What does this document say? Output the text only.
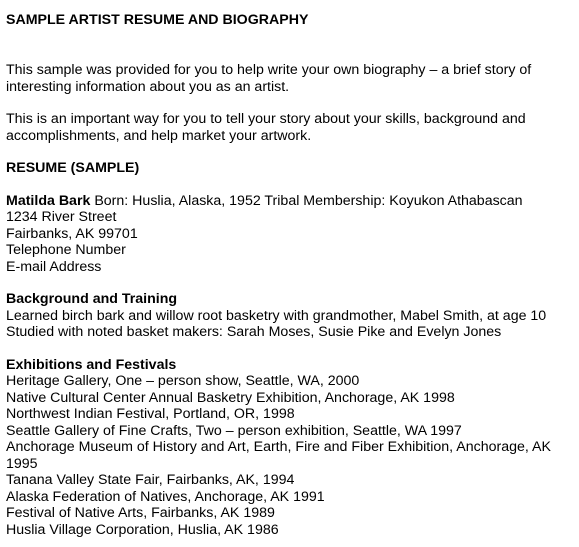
SAMPLE ARTIST RESUME AND BIOGRAPHY

This sample was provided for you to help write your own biography – a brief story of interesting information about you as an artist.

This is an important way for you to tell your story about your skills, background and accomplishments, and help market your artwork.

RESUME (SAMPLE)

Matilda Bark Born: Huslia, Alaska, 1952 Tribal Membership: Koyukon Athabascan
1234 River Street
Fairbanks, AK 99701
Telephone Number
E-mail Address
Background and Training
Learned birch bark and willow root basketry with grandmother, Mabel Smith, at age 10
Studied with noted basket makers: Sarah Moses, Susie Pike and Evelyn Jones
Exhibitions and Festivals
Heritage Gallery, One – person show, Seattle, WA, 2000
Native Cultural Center Annual Basketry Exhibition, Anchorage, AK 1998
Northwest Indian Festival, Portland, OR, 1998
Seattle Gallery of Fine Crafts, Two – person exhibition, Seattle, WA 1997
Anchorage Museum of History and Art, Earth, Fire and Fiber Exhibition, Anchorage, AK 1995
Tanana Valley State Fair, Fairbanks, AK, 1994
Alaska Federation of Natives, Anchorage, AK 1991
Festival of Native Arts, Fairbanks, AK 1989
Huslia Village Corporation, Huslia, AK 1986
